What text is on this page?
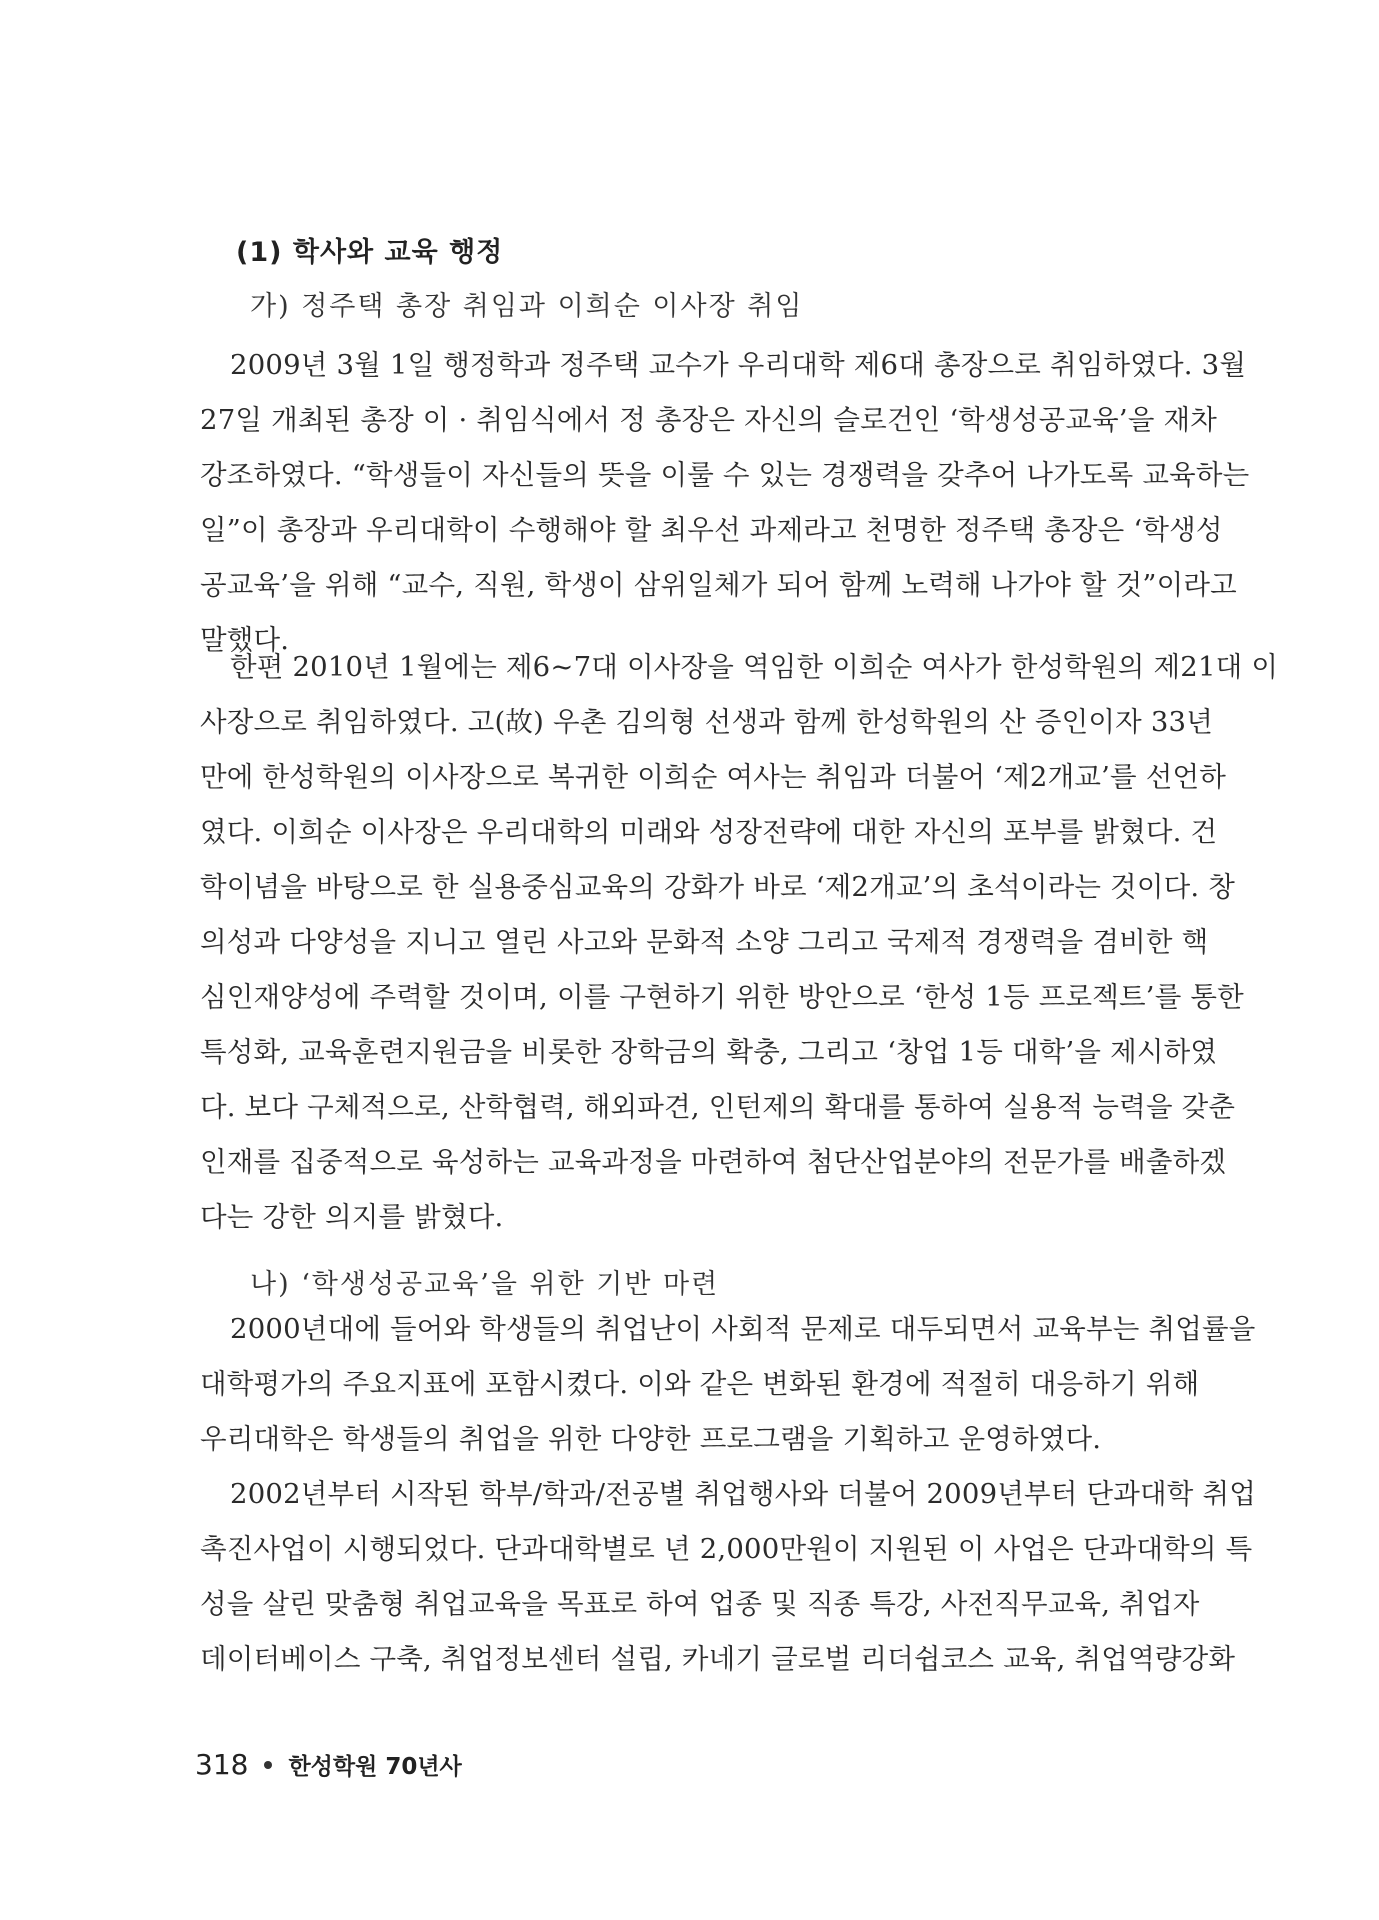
(1) 학사와 교육 행정
가) 정주택 총장 취임과 이희순 이사장 취임
2009년 3월 1일 행정학과 정주택 교수가 우리대학 제6대 총장으로 취임하였다. 3월
27일 개최된 총장 이 · 취임식에서 정 총장은 자신의 슬로건인 ‘학생성공교육’을 재차
강조하였다. “학생들이 자신들의 뜻을 이룰 수 있는 경쟁력을 갖추어 나가도록 교육하는
일”이 총장과 우리대학이 수행해야 할 최우선 과제라고 천명한 정주택 총장은 ‘학생성
공교육’을 위해 “교수, 직원, 학생이 삼위일체가 되어 함께 노력해 나가야 할 것”이라고
말했다.
한편 2010년 1월에는 제6~7대 이사장을 역임한 이희순 여사가 한성학원의 제21대 이
사장으로 취임하였다. 고(故) 우촌 김의형 선생과 함께 한성학원의 산 증인이자 33년
만에 한성학원의 이사장으로 복귀한 이희순 여사는 취임과 더불어 ‘제2개교’를 선언하
였다. 이희순 이사장은 우리대학의 미래와 성장전략에 대한 자신의 포부를 밝혔다. 건
학이념을 바탕으로 한 실용중심교육의 강화가 바로 ‘제2개교’의 초석이라는 것이다. 창
의성과 다양성을 지니고 열린 사고와 문화적 소양 그리고 국제적 경쟁력을 겸비한 핵
심인재양성에 주력할 것이며, 이를 구현하기 위한 방안으로 ‘한성 1등 프로젝트’를 통한
특성화, 교육훈련지원금을 비롯한 장학금의 확충, 그리고 ‘창업 1등 대학’을 제시하였
다. 보다 구체적으로, 산학협력, 해외파견, 인턴제의 확대를 통하여 실용적 능력을 갖춘
인재를 집중적으로 육성하는 교육과정을 마련하여 첨단산업분야의 전문가를 배출하겠
다는 강한 의지를 밝혔다.
나) ‘학생성공교육’을 위한 기반 마련
2000년대에 들어와 학생들의 취업난이 사회적 문제로 대두되면서 교육부는 취업률을
대학평가의 주요지표에 포함시켰다. 이와 같은 변화된 환경에 적절히 대응하기 위해
우리대학은 학생들의 취업을 위한 다양한 프로그램을 기획하고 운영하였다.
2002년부터 시작된 학부/학과/전공별 취업행사와 더불어 2009년부터 단과대학 취업
촉진사업이 시행되었다. 단과대학별로 년 2,000만원이 지원된 이 사업은 단과대학의 특
성을 살린 맞춤형 취업교육을 목표로 하여 업종 및 직종 특강, 사전직무교육, 취업자
데이터베이스 구축, 취업정보센터 설립, 카네기 글로벌 리더쉽코스 교육, 취업역량강화
318 한성학원 70년사
